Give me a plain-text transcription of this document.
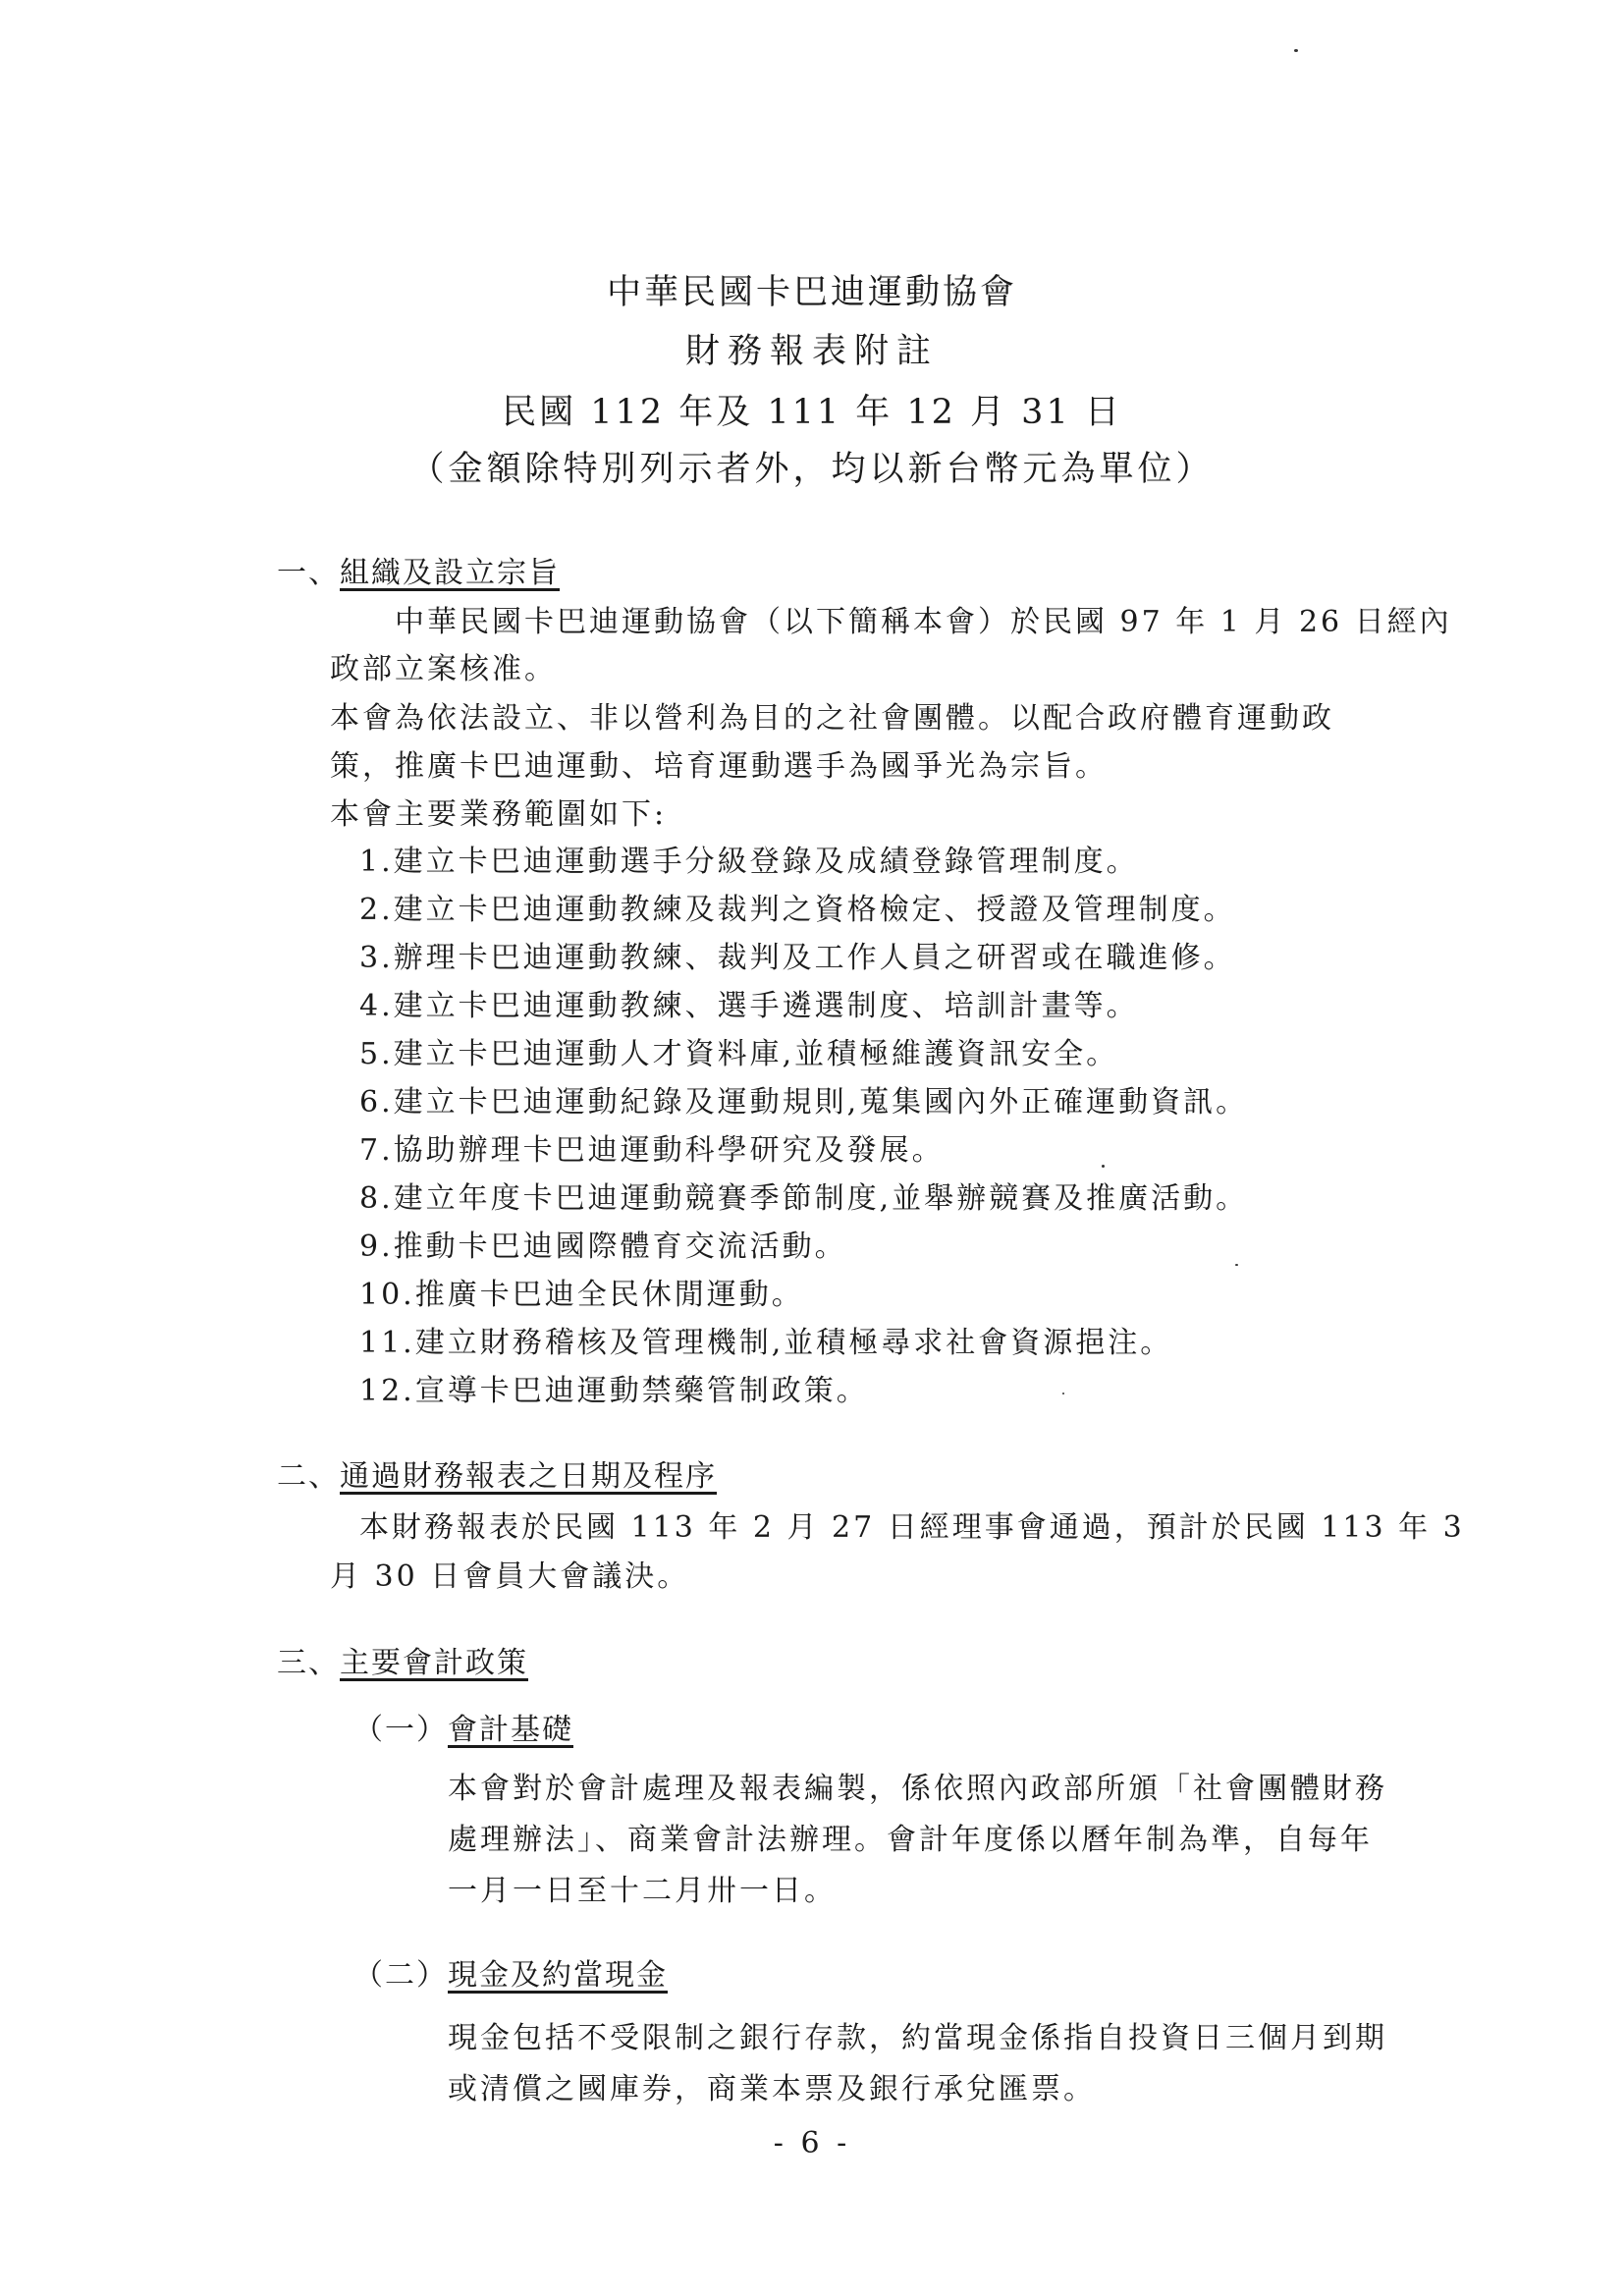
中華民國卡巴迪運動協會
財務報表附註
民國 112 年及 111 年 12 月 31 日
（金額除特別列示者外，均以新台幣元為單位）

一、組織及設立宗旨

中華民國卡巴迪運動協會（以下簡稱本會）於民國 97 年 1 月 26 日經內

政部立案核准。

本會為依法設立、非以營利為目的之社會團體。以配合政府體育運動政

策，推廣卡巴迪運動、培育運動選手為國爭光為宗旨。

本會主要業務範圍如下:

1.建立卡巴迪運動選手分級登錄及成績登錄管理制度。
2.建立卡巴迪運動教練及裁判之資格檢定、授證及管理制度。
3.辦理卡巴迪運動教練、裁判及工作人員之研習或在職進修。
4.建立卡巴迪運動教練、選手遴選制度、培訓計畫等。
5.建立卡巴迪運動人才資料庫,並積極維護資訊安全。
6.建立卡巴迪運動紀錄及運動規則,蒐集國內外正確運動資訊。
7.協助辦理卡巴迪運動科學研究及發展。
8.建立年度卡巴迪運動競賽季節制度,並舉辦競賽及推廣活動。
9.推動卡巴迪國際體育交流活動。
10.推廣卡巴迪全民休閒運動。
11.建立財務稽核及管理機制,並積極尋求社會資源挹注。
12.宣導卡巴迪運動禁藥管制政策。

二、通過財務報表之日期及程序

本財務報表於民國 113 年 2 月 27 日經理事會通過，預計於民國 113 年 3

月 30 日會員大會議決。

三、主要會計政策

（一）會計基礎

本會對於會計處理及報表編製，係依照內政部所頒「社會團體財務

處理辦法」、商業會計法辦理。會計年度係以曆年制為準，自每年

一月一日至十二月卅一日。

（二）現金及約當現金

現金包括不受限制之銀行存款，約當現金係指自投資日三個月到期

或清償之國庫券，商業本票及銀行承兌匯票。

- 6 -
